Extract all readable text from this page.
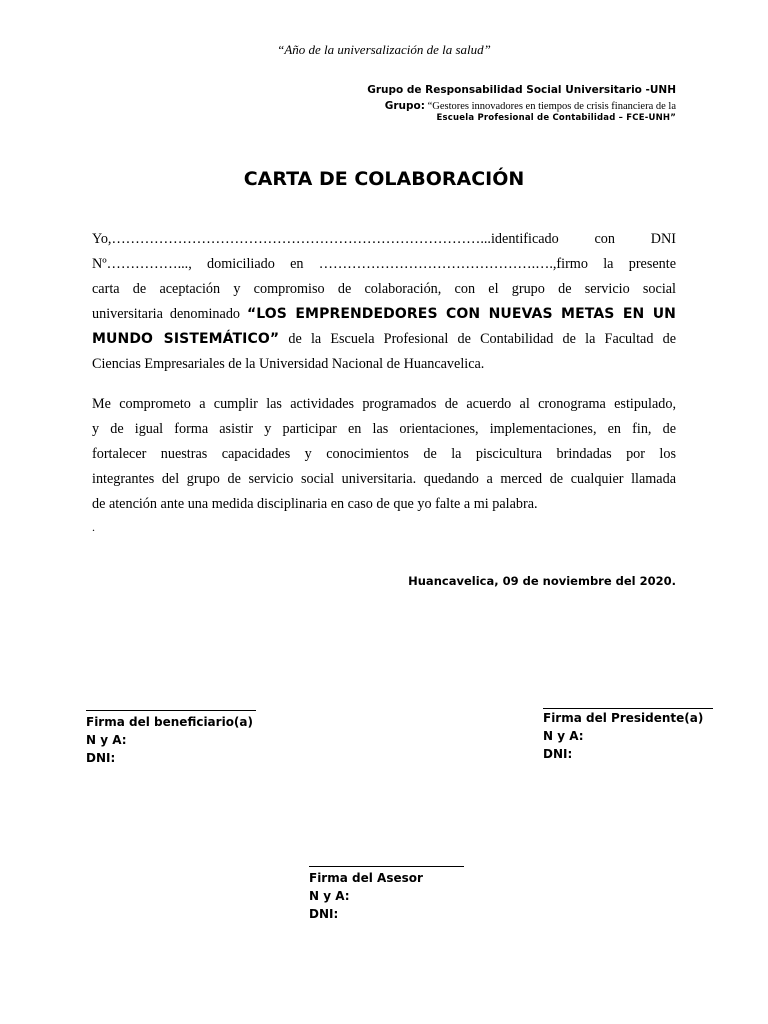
“Año de la universalización de la salud”
Grupo de Responsabilidad Social Universitario -UNH
Grupo: “Gestores innovadores en tiempos de crisis financiera de la
Escuela Profesional de Contabilidad – FCE-UNH”
CARTA DE COLABORACIÓN
Yo,……………………………………………………………………...identificado con DNI
Nº……………..., domiciliado en ……………………………………….….,firmo la presente
carta de aceptación y compromiso de colaboración, con el grupo de servicio social
universitaria denominado “LOS EMPRENDEDORES CON NUEVAS METAS EN UN
MUNDO SISTEMÁTICO” de la Escuela Profesional de Contabilidad de la Facultad de
Ciencias Empresariales de la Universidad Nacional de Huancavelica.
Me comprometo a cumplir las actividades programados de acuerdo al cronograma estipulado,
y de igual forma asistir y participar en las orientaciones, implementaciones, en fin, de
fortalecer nuestras capacidades y conocimientos de la piscicultura brindadas por los
integrantes del grupo de servicio social universitaria. quedando a merced de cualquier llamada
de atención ante una medida disciplinaria en caso de que yo falte a mi palabra.
.
Huancavelica, 09 de noviembre del 2020.
Firma del beneficiario(a)
N y A:
DNI:
Firma del Presidente(a)
N y A:
DNI:
Firma del Asesor
N y A:
DNI:
